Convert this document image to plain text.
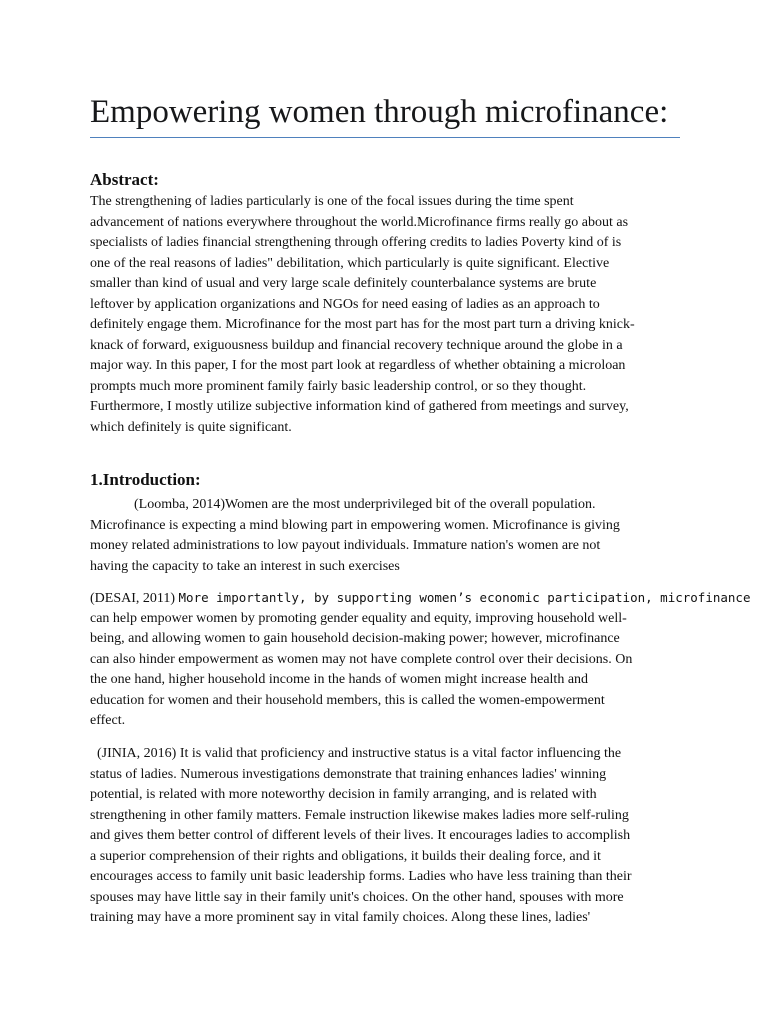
Empowering women through microfinance:
Abstract:
The strengthening of ladies particularly is one of the focal issues during the time spent
advancement of nations everywhere throughout the world.Microfinance firms really go about as
specialists of ladies financial strengthening through offering credits to ladies Poverty kind of is
one of the real reasons of ladies" debilitation, which particularly is quite significant. Elective
smaller than kind of usual and very large scale definitely counterbalance systems are brute
leftover by application organizations and NGOs for need easing of ladies as an approach to
definitely engage them. Microfinance for the most part has for the most part turn a driving knick-
knack of forward, exiguousness buildup and financial recovery technique around the globe in a
major way. In this paper, I for the most part look at regardless of whether obtaining a microloan
prompts much more prominent family fairly basic leadership control, or so they thought.
Furthermore, I mostly utilize subjective information kind of gathered from meetings and survey,
which definitely is quite significant.
1.Introduction:
(Loomba, 2014)Women are the most underprivileged bit of the overall population.
Microfinance is expecting a mind blowing part in empowering women. Microfinance is giving
money related administrations to low payout individuals. Immature nation's women are not
having the capacity to take an interest in such exercises
(DESAI, 2011) More importantly, by supporting women’s economic participation, microfinance
can help empower women by promoting gender equality and equity, improving household well-
being, and allowing women to gain household decision-making power; however, microfinance
can also hinder empowerment as women may not have complete control over their decisions. On
the one hand, higher household income in the hands of women might increase health and
education for women and their household members, this is called the women-empowerment
effect.
(JINIA, 2016) It is valid that proficiency and instructive status is a vital factor influencing the
status of ladies. Numerous investigations demonstrate that training enhances ladies' winning
potential, is related with more noteworthy decision in family arranging, and is related with
strengthening in other family matters. Female instruction likewise makes ladies more self-ruling
and gives them better control of different levels of their lives. It encourages ladies to accomplish
a superior comprehension of their rights and obligations, it builds their dealing force, and it
encourages access to family unit basic leadership forms. Ladies who have less training than their
spouses may have little say in their family unit's choices. On the other hand, spouses with more
training may have a more prominent say in vital family choices. Along these lines, ladies'
